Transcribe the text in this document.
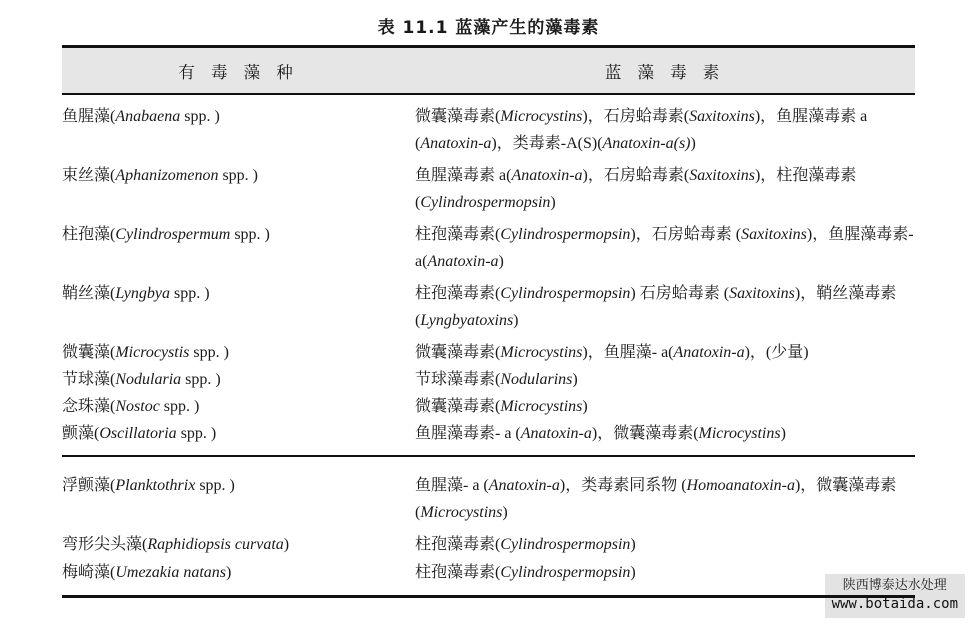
陕西博泰达水处理
www.botaida.com
表 11.1 蓝藻产生的藻毒素
有 毒 藻 种	蓝 藻 毒 素
鱼腥藻(Anabaena spp. )	微囊藻毒素(Microcystins)，石房蛤毒素(Saxitoxins)，鱼腥藻毒素 a (Anatoxin-a)，类毒素-A(S)(Anatoxin-a(s))
束丝藻(Aphanizomenon spp. )	鱼腥藻毒素 a(Anatoxin-a)，石房蛤毒素(Saxitoxins)，柱孢藻毒素(Cylindrospermopsin)
柱孢藻(Cylindrospermum spp. )	柱孢藻毒素(Cylindrospermopsin)，石房蛤毒素 (Saxitoxins)，鱼腥藻毒素- a(Anatoxin-a)
鞘丝藻(Lyngbya spp. )	柱孢藻毒素(Cylindrospermopsin) 石房蛤毒素 (Saxitoxins)，鞘丝藻毒素(Lyngbyatoxins)
微囊藻(Microcystis spp. )	微囊藻毒素(Microcystins)，鱼腥藻- a(Anatoxin-a)，(少量)
节球藻(Nodularia spp. )	节球藻毒素(Nodularins)
念珠藻(Nostoc spp. )	微囊藻毒素(Microcystins)
颤藻(Oscillatoria spp. )	鱼腥藻毒素- a (Anatoxin-a)，微囊藻毒素(Microcystins)
浮颤藻(Planktothrix spp. )	鱼腥藻- a (Anatoxin-a)，类毒素同系物 (Homoanatoxin-a)，微囊藻毒素(Microcystins)
弯形尖头藻(Raphidiopsis curvata)	柱孢藻毒素(Cylindrospermopsin)
梅崎藻(Umezakia natans)	柱孢藻毒素(Cylindrospermopsin)
